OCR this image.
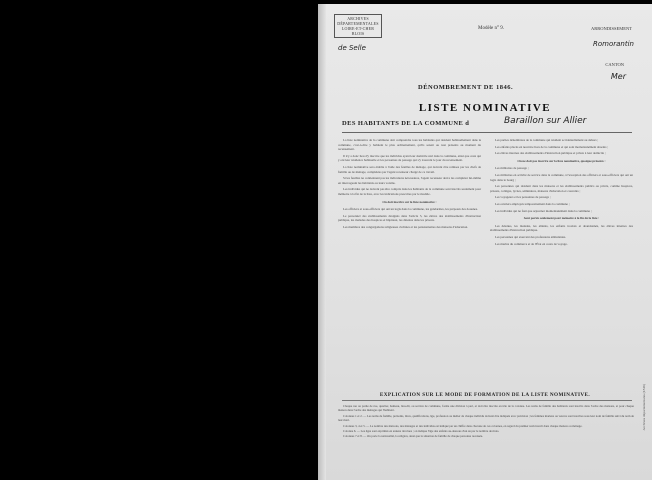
ARCHIVES
DÉPARTEMENTALES
LOIRE-ET-CHER
BLOIS
de Selle
Modèle n° 9.	ARRONDISSEMENT
Romorantin
CANTON
Mer
DÉNOMBREMENT DE 1846.
LISTE NOMINATIVE
DES HABITANTS DE LA COMMUNE d	Baraillon sur Allier

La liste nominative de la commune doit comprendre tous les habitants qui résident habituellement dans la commune, c'est-à-dire y habitent le plus ordinairement, qu'ils soient ou non présents au moment du recensement.

Il n'y a donc lieu d'y inscrire que les individus ayant leur domicile réel dans la commune, ainsi que ceux qui y ont leur résidence habituelle et les personnes de passage qui s'y trouvent le jour du recensement.

La liste nominative sera établie à l'aide des feuilles de ménage, qui doivent être remises par les chefs de famille ou de ménage, complétées par l'agent recenseur chargé de ce travail.

Si les feuilles ne contiennent pas les indications nécessaires, l'agent recenseur devra les compléter lui-même en interrogeant les habitants ou leurs voisins.

Les individus qui ne doivent pas être compris dans les habitants de la commune sont inscrits seulement pour mémoire à la fin de la liste, avec les indications prescrites par le modèle.

On doit inscrire sur la liste nominative :

Les officiers et sous-officiers qui ont un logis dans la commune, les gendarmes, les préposés des douanes.

Le personnel des établissements désignés dans l'article 5, les élèves des établissements d'instruction publique, les malades des hospices et hôpitaux, les détenus dans les prisons.

Les membres des congrégations religieuses cloîtrées et les pensionnaires des maisons d'éducation.

Les parties dénombrées de la commune qui résident accidentellement au dehors ;

Les enfants placés en nourrice hors de la commune et qui sont momentanément absents ;

Les élèves internes des établissements d'instruction publique et privée à leur domicile ;

On ne doit pas inscrire sur la liste nominative, quoique présents :

Les militaires de passage ;

Les militaires en activité de service dans la commune, à l'exception des officiers et sous-officiers qui ont un logis dans le bourg ;

Les personnes qui résident dans les maisons et les établissements publics ou privés, comme hospices, prisons, collèges, lycées, séminaires, maisons d'éducation et couvents ;

Les voyageurs et les personnes de passage ;

Les ouvriers employés temporairement dans la commune ;

Les individus qui ne font que séjourner momentanément dans la commune ;

Sont portés seulement pour mémoire à la fin de la liste :

Les détenus, les malades, les aliénés, les enfants trouvés et abandonnés, les élèves internes des établissements d'instruction publique.

Les personnes qui exercent des professions ambulantes.

Les marins du commerce et de l'État en cours de voyage.

EXPLICATION SUR LE MODE DE FORMATION DE LA LISTE NOMINATIVE.

Chaque rue ou partie de rue, quartier, hameau, lieu-dit, ou section de commune, forme une division à part, et doit être inscrite en tête de la colonne. Les noms de famille des habitants sont inscrits dans l'ordre des maisons, et pour chaque maison dans l'ordre des ménages qui l'habitent.

Colonnes 1 et 2. — Les noms de famille, prénoms, titres, qualifications, âge, profession ou métier de chaque individu doivent être indiqués avec précision ; les femmes mariées ou veuves sont inscrites sous leur nom de famille suivi du nom de leur mari.

Colonnes 3, 4 et 5. — Le nombre des maisons, des ménages et des individus est indiqué par un chiffre dans chacune de ces colonnes, en regard du premier nom inscrit dans chaque maison ou ménage.

Colonne 6. — Les âges sont exprimés en années révolues ; on indique l'âge des enfants au-dessous d'un an par le nombre de mois.

Colonnes 7 et 8. — On porte la nationalité, la religion, ainsi que la situation de famille de chaque personne recensée.

Archives départementales (1846)
